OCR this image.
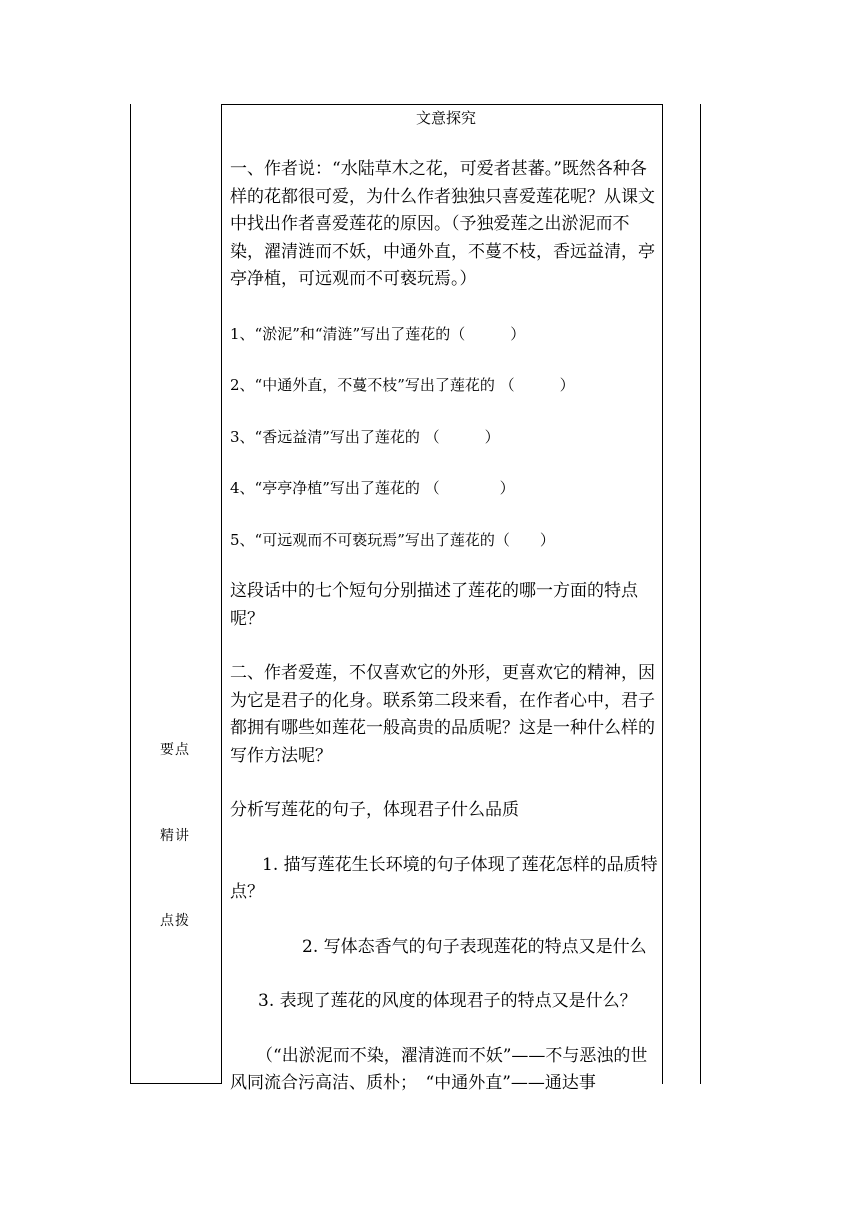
要点
精讲
点拨
文意探究

一、作者说：“水陆草木之花，可爱者甚蕃。”既然各种各样的花都很可爱，为什么作者独独只喜爱莲花呢？从课文中找出作者喜爱莲花的原因。（予独爱莲之出淤泥而不染，濯清涟而不妖，中通外直，不蔓不枝，香远益清，亭亭净植，可远观而不可亵玩焉。）

1、“淤泥”和“清涟”写出了莲花的（　　　）

2、“中通外直，不蔓不枝”写出了莲花的 （　　　）

3、“香远益清”写出了莲花的 （　　　）

4、“亭亭净植”写出了莲花的 （　　　　）

5、“可远观而不可亵玩焉”写出了莲花的（　　）

这段话中的七个短句分别描述了莲花的哪一方面的特点呢？

二、作者爱莲，不仅喜欢它的外形，更喜欢它的精神，因为它是君子的化身。联系第二段来看，在作者心中，君子都拥有哪些如莲花一般高贵的品质呢？这是一种什么样的写作方法呢？

分析写莲花的句子，体现君子什么品质

1. 描写莲花生长环境的句子体现了莲花怎样的品质特点？

2. 写体态香气的句子表现莲花的特点又是什么

3. 表现了莲花的风度的体现君子的特点又是什么？

（“出淤泥而不染，濯清涟而不妖”——不与恶浊的世风同流合污高洁、质朴；　“中通外直”——通达事
